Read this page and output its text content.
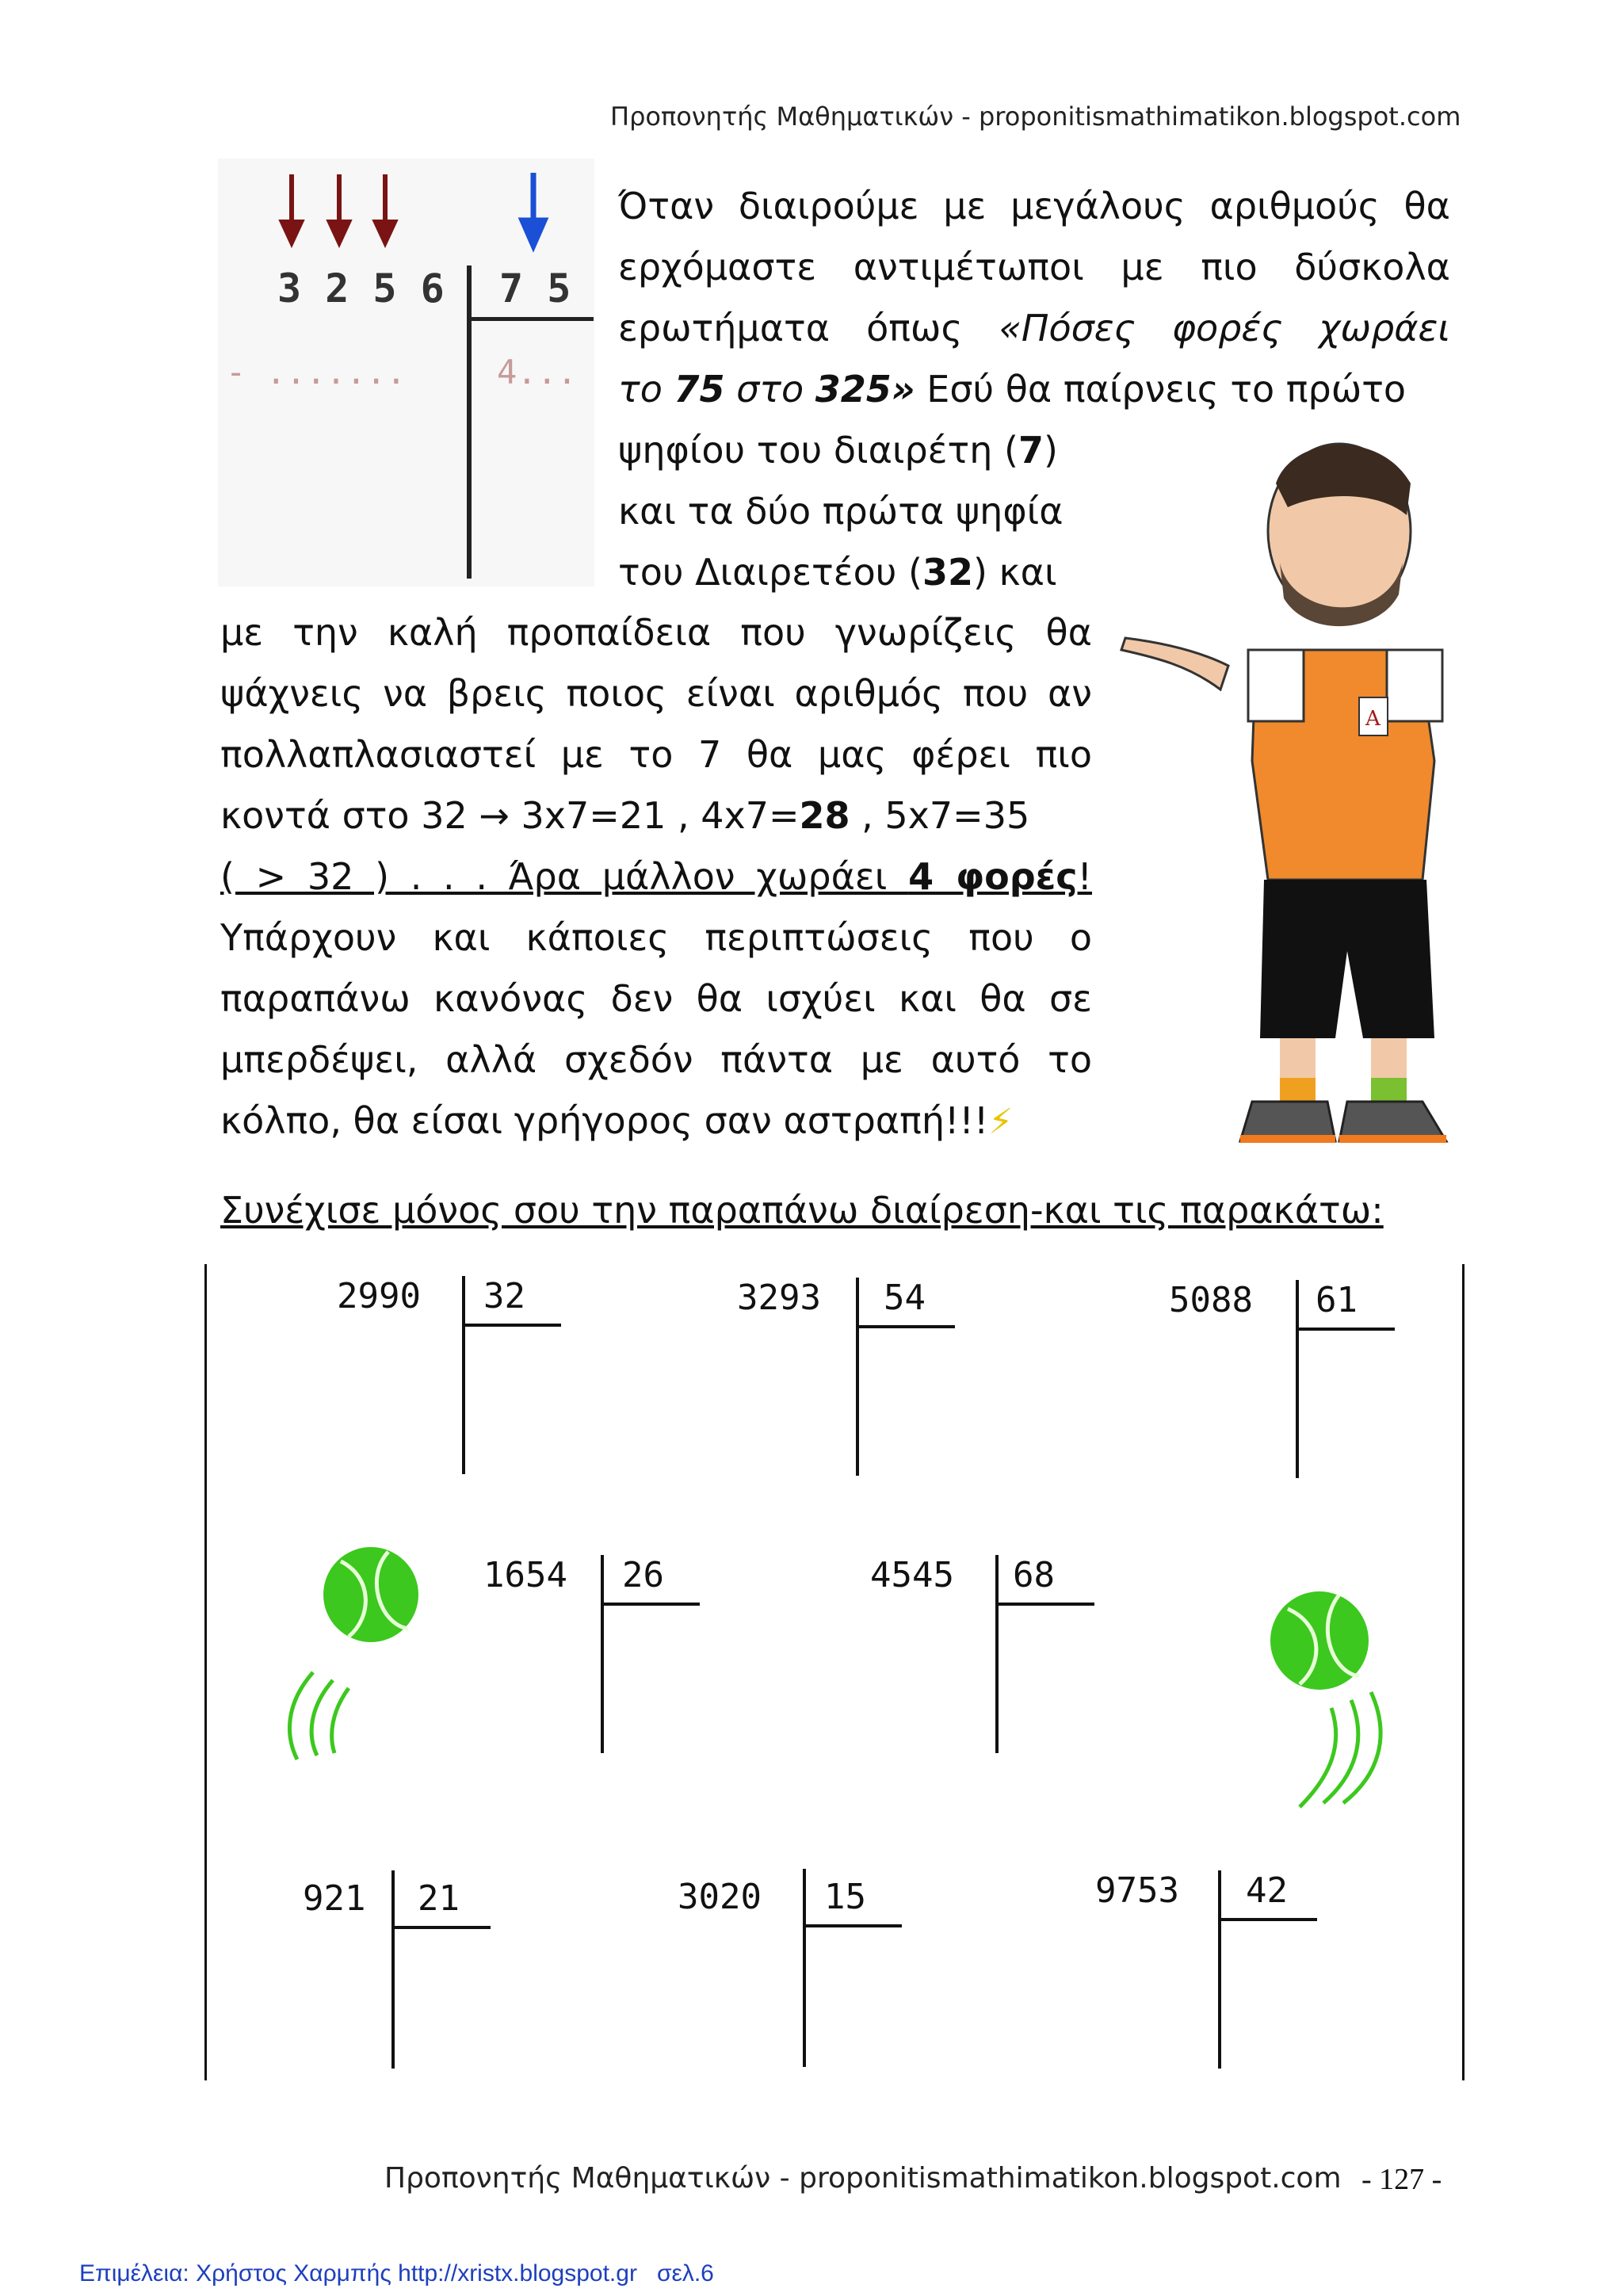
Προπονητής Μαθηματικών - proponitismathimatikon.blogspot.com
3 2 5 6 7 5
- .......	4...
Όταν διαιρούμε με μεγάλους αριθμούς θα
ερχόμαστε αντιμέτωποι με πιο δύσκολα
ερωτήματα όπως «Πόσες φορές χωράει
το 75 στο 325» Εσύ θα παίρνεις το πρώτο
ψηφίου του διαιρέτη (7)
και τα δύο πρώτα ψηφία
του Διαιρετέου (32) και
με την καλή προπαίδεια που γνωρίζεις θα
ψάχνεις να βρεις ποιος είναι αριθμός που αν
πολλαπλασιαστεί με το 7 θα μας φέρει πιο
κοντά στο 32 → 3x7=21 , 4x7=28 , 5x7=35
( > 32 ) . . . Άρα μάλλον χωράει 4 φορές!
Υπάρχουν και κάποιες περιπτώσεις που ο
παραπάνω κανόνας δεν θα ισχύει και θα σε
μπερδέψει, αλλά σχεδόν πάντα με αυτό το
κόλπο, θα είσαι γρήγορος σαν αστραπή!!!⚡
A
Συνέχισε μόνος σου την παραπάνω διαίρεση-και τις παρακάτω:
2990 32	3293 54	5088 61
1654 26	4545 68
921 21	3020 15	9753 42
Προπονητής Μαθηματικών - proponitismathimatikon.blogspot.com - 127 -
Επιμέλεια: Χρήστος Χαρμπής http://xristx.blogspot.gr   σελ.6
